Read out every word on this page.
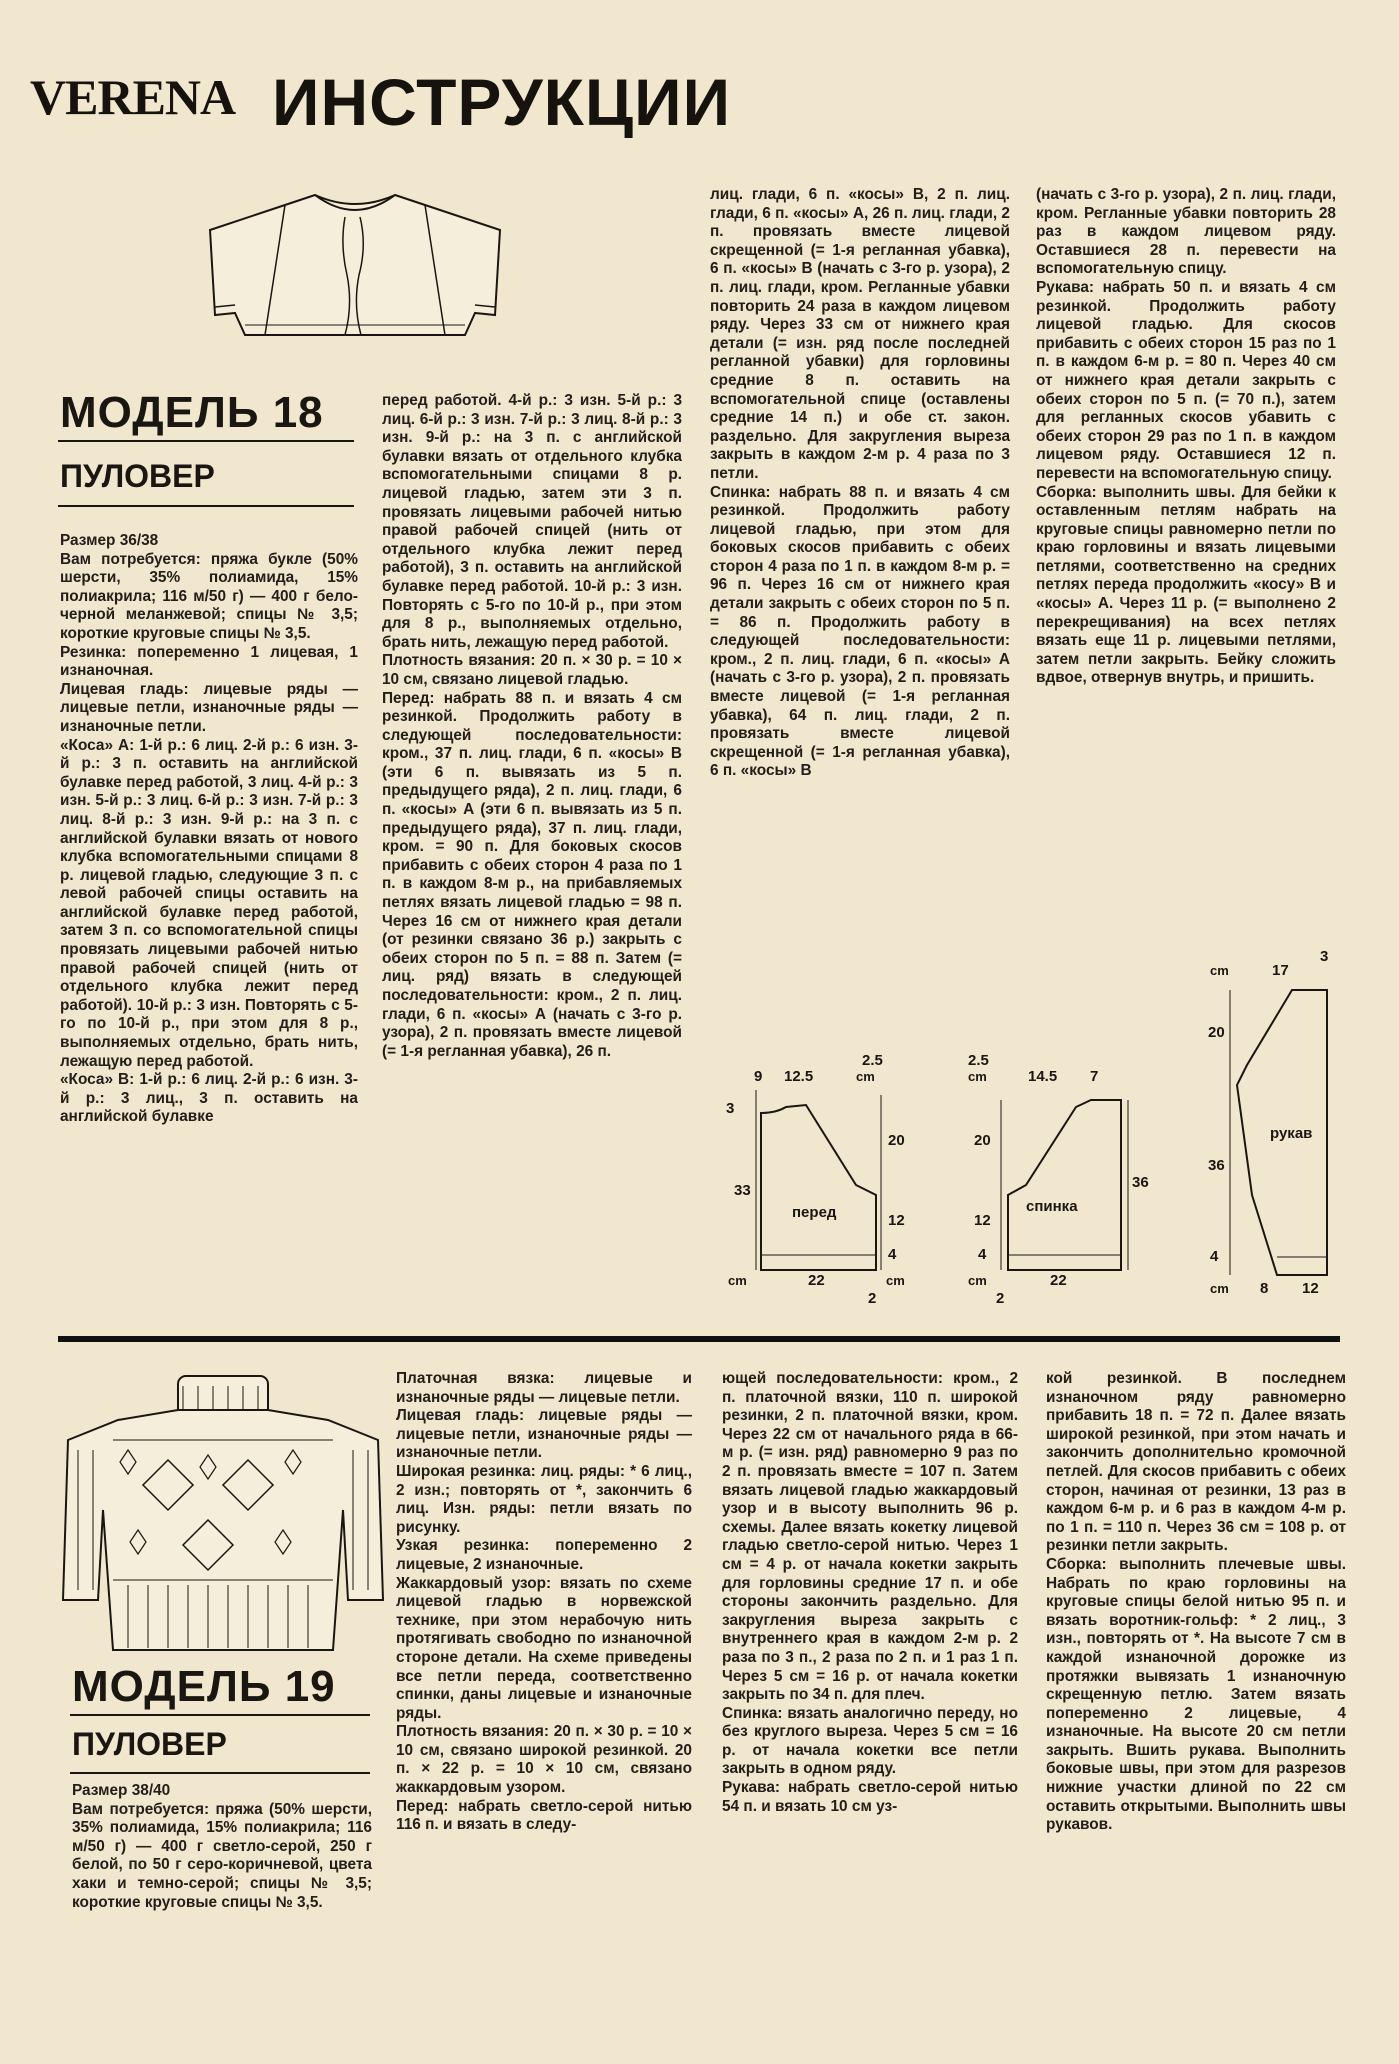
VERENA ИНСТРУКЦИИ
МОДЕЛЬ 18
ПУЛОВЕР

Размер 36/38

Вам потребуется: пряжа букле (50% шерсти, 35% полиамида, 15% полиакрила; 116 м/50 г) — 400 г бело-черной меланжевой; спицы № 3,5; короткие круговые спицы № 3,5.

Резинка: попеременно 1 лицевая, 1 изнаночная.

Лицевая гладь: лицевые ряды — лицевые петли, изнаночные ряды — изнаночные петли.

«Коса» А: 1-й р.: 6 лиц. 2-й р.: 6 изн. 3-й р.: 3 п. оставить на английской булавке перед работой, 3 лиц. 4-й р.: 3 изн. 5-й р.: 3 лиц. 6-й р.: 3 изн. 7-й р.: 3 лиц. 8-й р.: 3 изн. 9-й р.: на 3 п. с английской булавки вязать от нового клубка вспомогательными спицами 8 р. лицевой гладью, следующие 3 п. с левой рабочей спицы оставить на английской булавке перед работой, затем 3 п. со вспомогательной спицы провязать лицевыми рабочей нитью правой рабочей спицей (нить от отдельного клубка лежит перед работой). 10-й р.: 3 изн. Повторять с 5-го по 10-й р., при этом для 8 р., выполняемых отдельно, брать нить, лежащую перед работой.

«Коса» В: 1-й р.: 6 лиц. 2-й р.: 6 изн. 3-й р.: 3 лиц., 3 п. оставить на английской булавке

перед работой. 4-й р.: 3 изн. 5-й р.: 3 лиц. 6-й р.: 3 изн. 7-й р.: 3 лиц. 8-й р.: 3 изн. 9-й р.: на 3 п. с английской булавки вязать от отдельного клубка вспомогательными спицами 8 р. лицевой гладью, затем эти 3 п. провязать лицевыми рабочей нитью правой рабочей спицей (нить от отдельного клубка лежит перед работой), 3 п. оставить на английской булавке перед работой. 10-й р.: 3 изн. Повторять с 5-го по 10-й р., при этом для 8 р., выполняемых отдельно, брать нить, лежащую перед работой.

Плотность вязания: 20 п. × 30 р. = 10 × 10 см, связано лицевой гладью.

Перед: набрать 88 п. и вязать 4 см резинкой. Продолжить работу в следующей последовательности: кром., 37 п. лиц. глади, 6 п. «косы» В (эти 6 п. вывязать из 5 п. предыдущего ряда), 2 п. лиц. глади, 6 п. «косы» А (эти 6 п. вывязать из 5 п. предыдущего ряда), 37 п. лиц. глади, кром. = 90 п. Для боковых скосов прибавить с обеих сторон 4 раза по 1 п. в каждом 8-м р., на прибавляемых петлях вязать лицевой гладью = 98 п. Через 16 см от нижнего края детали (от резинки связано 36 р.) закрыть с обеих сторон по 5 п. = 88 п. Затем (= лиц. ряд) вязать в следующей последовательности: кром., 2 п. лиц. глади, 6 п. «косы» А (начать с 3-го р. узора), 2 п. провязать вместе лицевой (= 1-я регланная убавка), 26 п.

лиц. глади, 6 п. «косы» В, 2 п. лиц. глади, 6 п. «косы» А, 26 п. лиц. глади, 2 п. провязать вместе лицевой скрещенной (= 1-я регланная убавка), 6 п. «косы» В (начать с 3-го р. узора), 2 п. лиц. глади, кром. Регланные убавки повторить 24 раза в каждом лицевом ряду. Через 33 см от нижнего края детали (= изн. ряд после последней регланной убавки) для горловины средние 8 п. оставить на вспомогательной спице (оставлены средние 14 п.) и обе ст. закон. раздельно. Для закругления выреза закрыть в каждом 2-м р. 4 раза по 3 петли.

Спинка: набрать 88 п. и вязать 4 см резинкой. Продолжить работу лицевой гладью, при этом для боковых скосов прибавить с обеих сторон 4 раза по 1 п. в каждом 8-м р. = 96 п. Через 16 см от нижнего края детали закрыть с обеих сторон по 5 п. = 86 п. Продолжить работу в следующей последовательности: кром., 2 п. лиц. глади, 6 п. «косы» А (начать с 3-го р. узора), 2 п. провязать вместе лицевой (= 1-я регланная убавка), 64 п. лиц. глади, 2 п. провязать вместе лицевой скрещенной (= 1-я регланная убавка), 6 п. «косы» В

(начать с 3-го р. узора), 2 п. лиц. глади, кром. Регланные убавки повторить 28 раз в каждом лицевом ряду. Оставшиеся 28 п. перевести на вспомогательную спицу.

Рукава: набрать 50 п. и вязать 4 см резинкой. Продолжить работу лицевой гладью. Для скосов прибавить с обеих сторон 15 раз по 1 п. в каждом 6-м р. = 80 п. Через 40 см от нижнего края детали закрыть с обеих сторон по 5 п. (= 70 п.), затем для регланных скосов убавить с обеих сторон 29 раз по 1 п. в каждом лицевом ряду. Оставшиеся 12 п. перевести на вспомогательную спицу.

Сборка: выполнить швы. Для бейки к оставленным петлям набрать на круговые спицы равномерно петли по краю горловины и вязать лицевыми петлями, соответственно на средних петлях переда продолжить «косу» В и «косы» А. Через 11 р. (= выполнено 2 перекрещивания) на всех петлях вязать еще 11 р. лицевыми петлями, затем петли закрыть. Бейку сложить вдвое, отвернув внутрь, и пришить.

9 12.5	cm
2.5
3
33
20
12
4
перед
cm	22	cm
2
2.5
cm	14.5 7
20
12
4
36
спинка
cm	22
2
3
cm	17
20
36
4
рукав
cm 8 12
МОДЕЛЬ 19
ПУЛОВЕР

Размер 38/40

Вам потребуется: пряжа (50% шерсти, 35% полиамида, 15% полиакрила; 116 м/50 г) — 400 г светло-серой, 250 г белой, по 50 г серо-коричневой, цвета хаки и темно-серой; спицы № 3,5; короткие круговые спицы № 3,5.

Платочная вязка: лицевые и изнаночные ряды — лицевые петли.

Лицевая гладь: лицевые ряды — лицевые петли, изнаночные ряды — изнаночные петли.

Широкая резинка: лиц. ряды: * 6 лиц., 2 изн.; повторять от *, закончить 6 лиц. Изн. ряды: петли вязать по рисунку.

Узкая резинка: попеременно 2 лицевые, 2 изнаночные.

Жаккардовый узор: вязать по схеме лицевой гладью в норвежской технике, при этом нерабочую нить протягивать свободно по изнаночной стороне детали. На схеме приведены все петли переда, соответственно спинки, даны лицевые и изнаночные ряды.

Плотность вязания: 20 п. × 30 р. = 10 × 10 см, связано широкой резинкой. 20 п. × 22 р. = 10 × 10 см, связано жаккардовым узором.

Перед: набрать светло-серой нитью 116 п. и вязать в следу-

ющей последовательности: кром., 2 п. платочной вязки, 110 п. широкой резинки, 2 п. платочной вязки, кром. Через 22 см от начального ряда в 66-м р. (= изн. ряд) равномерно 9 раз по 2 п. провязать вместе = 107 п. Затем вязать лицевой гладью жаккардовый узор и в высоту выполнить 96 р. схемы. Далее вязать кокетку лицевой гладью светло-серой нитью. Через 1 см = 4 р. от начала кокетки закрыть для горловины средние 17 п. и обе стороны закончить раздельно. Для закругления выреза закрыть с внутреннего края в каждом 2-м р. 2 раза по 3 п., 2 раза по 2 п. и 1 раз 1 п. Через 5 см = 16 р. от начала кокетки закрыть по 34 п. для плеч.

Спинка: вязать аналогично переду, но без круглого выреза. Через 5 см = 16 р. от начала кокетки все петли закрыть в одном ряду.

Рукава: набрать светло-серой нитью 54 п. и вязать 10 см уз-

кой резинкой. В последнем изнаночном ряду равномерно прибавить 18 п. = 72 п. Далее вязать широкой резинкой, при этом начать и закончить дополнительно кромочной петлей. Для скосов прибавить с обеих сторон, начиная от резинки, 13 раз в каждом 6-м р. и 6 раз в каждом 4-м р. по 1 п. = 110 п. Через 36 см = 108 р. от резинки петли закрыть.

Сборка: выполнить плечевые швы. Набрать по краю горловины на круговые спицы белой нитью 95 п. и вязать воротник-гольф: * 2 лиц., 3 изн., повторять от *. На высоте 7 см в каждой изнаночной дорожке из протяжки вывязать 1 изнаночную скрещенную петлю. Затем вязать попеременно 2 лицевые, 4 изнаночные. На высоте 20 см петли закрыть. Вшить рукава. Выполнить боковые швы, при этом для разрезов нижние участки длиной по 22 см оставить открытыми. Выполнить швы рукавов.
